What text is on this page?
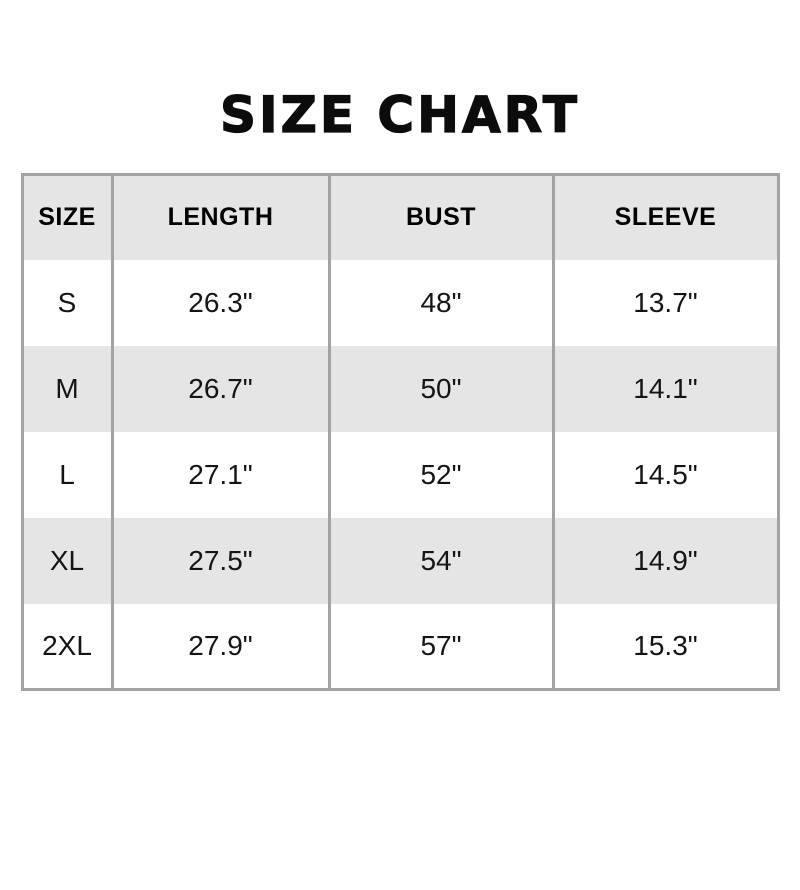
SIZE CHART
SIZE	LENGTH	BUST	SLEEVE
S	26.3"	48"	13.7"
M	26.7"	50"	14.1"
L	27.1"	52"	14.5"
XL	27.5"	54"	14.9"
2XL	27.9"	57"	15.3"
